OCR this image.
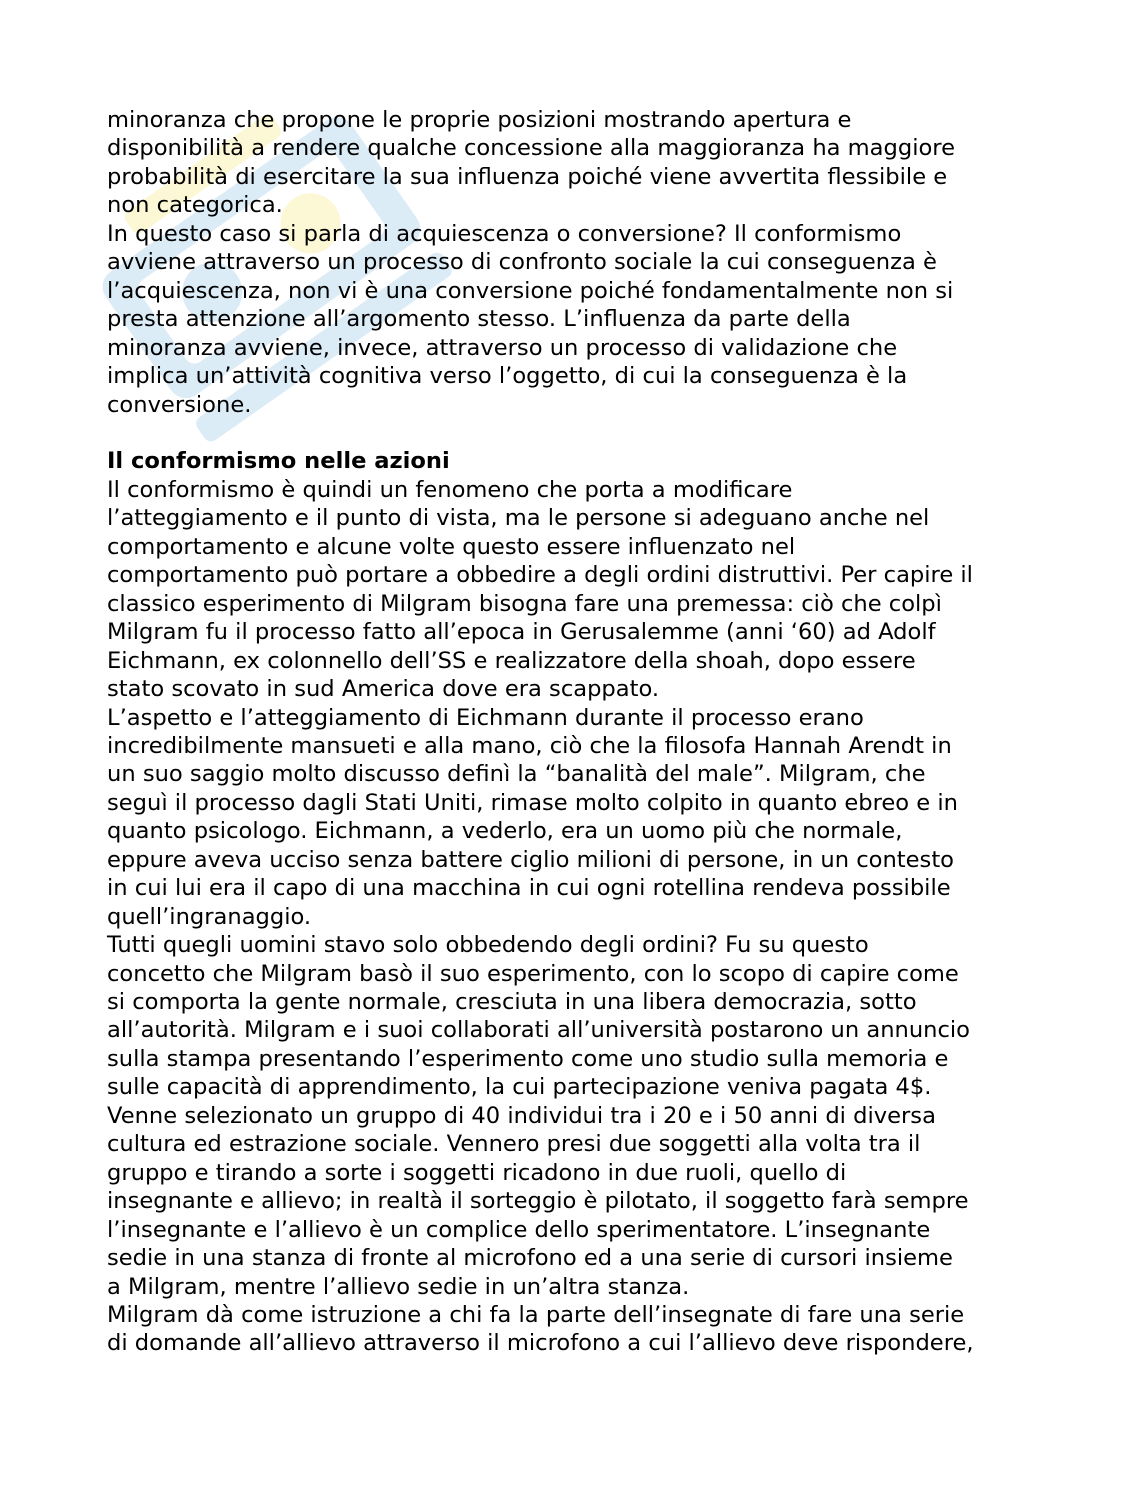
minoranza che propone le proprie posizioni mostrando apertura e
disponibilità a rendere qualche concessione alla maggioranza ha maggiore
probabilità di esercitare la sua influenza poiché viene avvertita flessibile e
non categorica.
In questo caso si parla di acquiescenza o conversione? Il conformismo
avviene attraverso un processo di confronto sociale la cui conseguenza è
l’acquiescenza, non vi è una conversione poiché fondamentalmente non si
presta attenzione all’argomento stesso. L’influenza da parte della
minoranza avviene, invece, attraverso un processo di validazione che
implica un’attività cognitiva verso l’oggetto, di cui la conseguenza è la
conversione.
Il conformismo nelle azioni
Il conformismo è quindi un fenomeno che porta a modificare
l’atteggiamento e il punto di vista, ma le persone si adeguano anche nel
comportamento e alcune volte questo essere influenzato nel
comportamento può portare a obbedire a degli ordini distruttivi. Per capire il
classico esperimento di Milgram bisogna fare una premessa: ciò che colpì
Milgram fu il processo fatto all’epoca in Gerusalemme (anni ‘60) ad Adolf
Eichmann, ex colonnello dell’SS e realizzatore della shoah, dopo essere
stato scovato in sud America dove era scappato.
L’aspetto e l’atteggiamento di Eichmann durante il processo erano
incredibilmente mansueti e alla mano, ciò che la filosofa Hannah Arendt in
un suo saggio molto discusso definì la “banalità del male”. Milgram, che
seguì il processo dagli Stati Uniti, rimase molto colpito in quanto ebreo e in
quanto psicologo. Eichmann, a vederlo, era un uomo più che normale,
eppure aveva ucciso senza battere ciglio milioni di persone, in un contesto
in cui lui era il capo di una macchina in cui ogni rotellina rendeva possibile
quell’ingranaggio.
Tutti quegli uomini stavo solo obbedendo degli ordini? Fu su questo
concetto che Milgram basò il suo esperimento, con lo scopo di capire come
si comporta la gente normale, cresciuta in una libera democrazia, sotto
all’autorità. Milgram e i suoi collaborati all’università postarono un annuncio
sulla stampa presentando l’esperimento come uno studio sulla memoria e
sulle capacità di apprendimento, la cui partecipazione veniva pagata 4$.
Venne selezionato un gruppo di 40 individui tra i 20 e i 50 anni di diversa
cultura ed estrazione sociale. Vennero presi due soggetti alla volta tra il
gruppo e tirando a sorte i soggetti ricadono in due ruoli, quello di
insegnante e allievo; in realtà il sorteggio è pilotato, il soggetto farà sempre
l’insegnante e l’allievo è un complice dello sperimentatore. L’insegnante
sedie in una stanza di fronte al microfono ed a una serie di cursori insieme
a Milgram, mentre l’allievo sedie in un’altra stanza.
Milgram dà come istruzione a chi fa la parte dell’insegnate di fare una serie
di domande all’allievo attraverso il microfono a cui l’allievo deve rispondere,
